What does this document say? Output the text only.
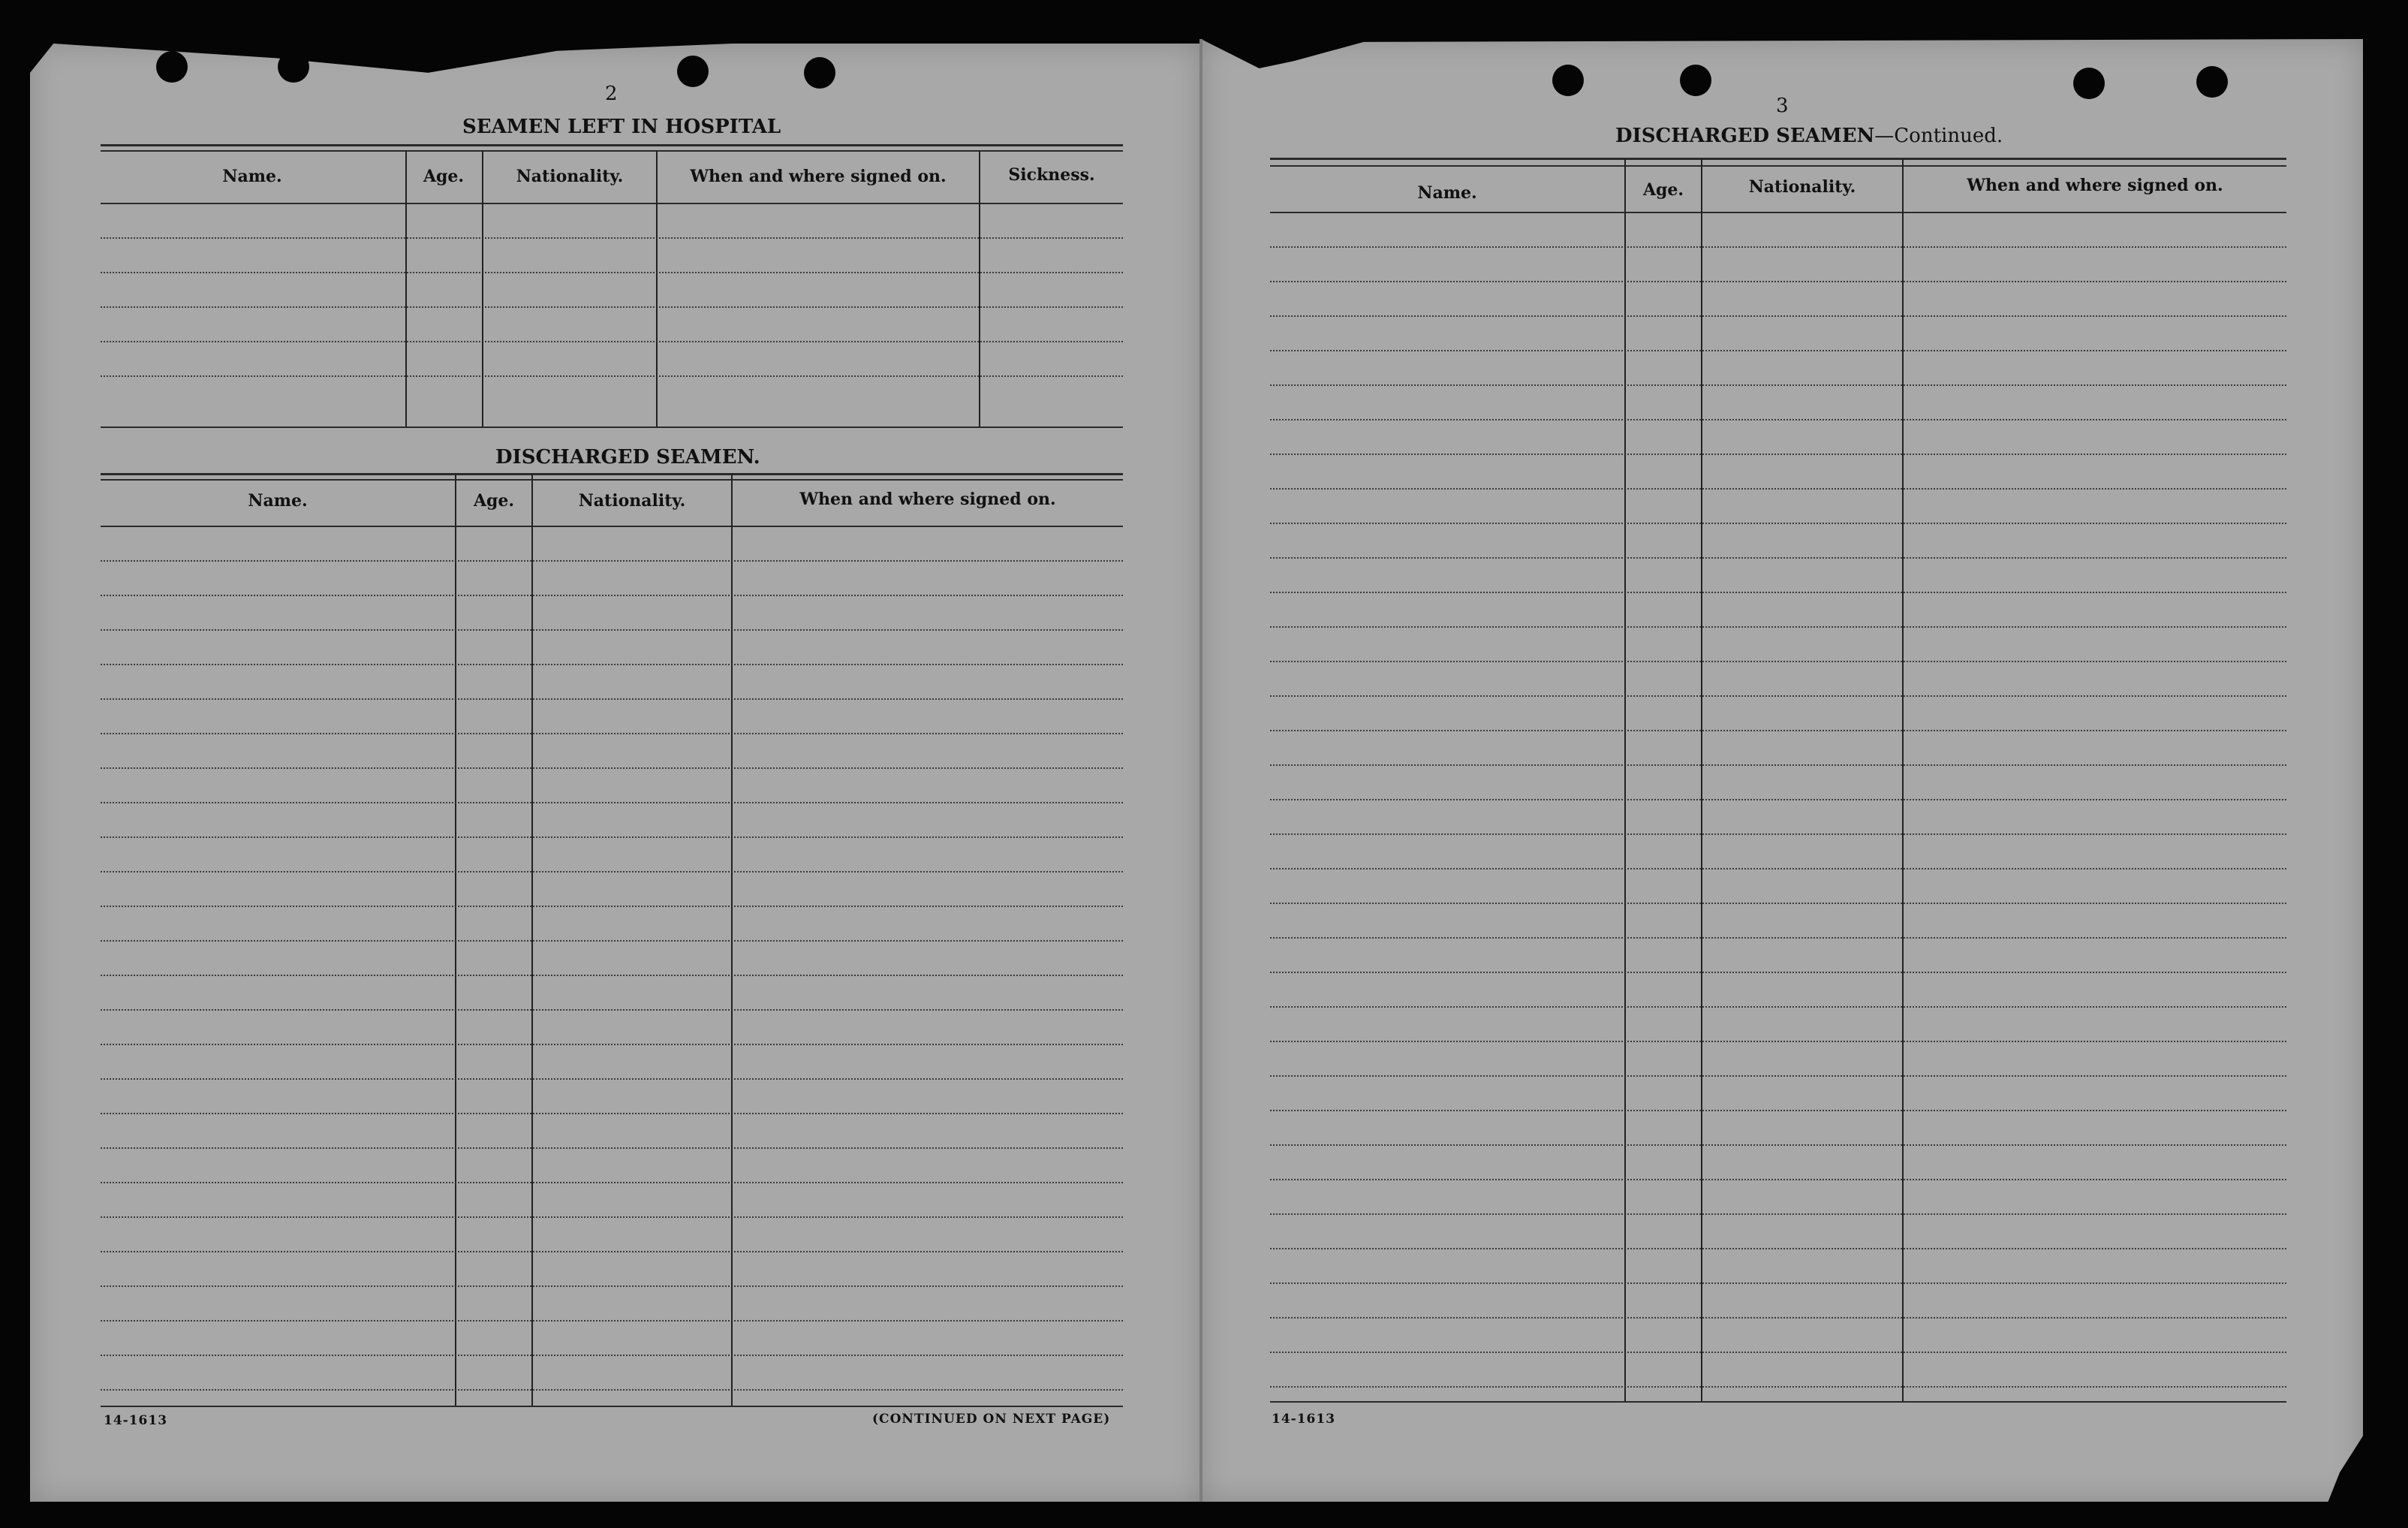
2
SEAMEN LEFT IN HOSPITAL
Name.	Age.	Nationality.	When and where signed on.	Sickness.
DISCHARGED SEAMEN.
Name.	Age.	Nationality.	When and where signed on.
14-1613	(CONTINUED ON NEXT PAGE)
3
DISCHARGED SEAMEN—Continued.
Name.	Age.	Nationality.	When and where signed on.
14-1613
